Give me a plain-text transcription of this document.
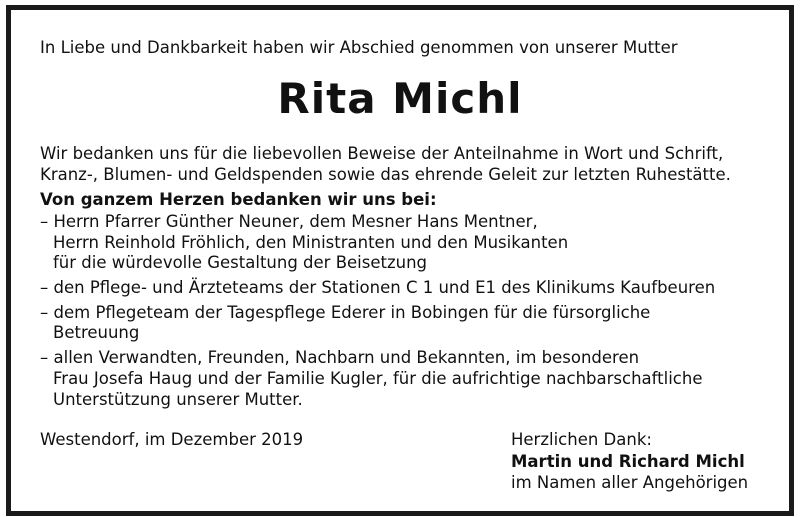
In Liebe und Dankbarkeit haben wir Abschied genommen von unserer Mutter
Rita Michl
Wir bedanken uns für die liebevollen Beweise der Anteilnahme in Wort und Schrift,
Kranz-, Blumen- und Geldspenden sowie das ehrende Geleit zur letzten Ruhestätte.
Von ganzem Herzen bedanken wir uns bei:
– Herrn Pfarrer Günther Neuner, dem Mesner Hans Mentner,
Herrn Reinhold Fröhlich, den Ministranten und den Musikanten
für die würdevolle Gestaltung der Beisetzung
– den Pflege- und Ärzteteams der Stationen C 1 und E1 des Klinikums Kaufbeuren
– dem Pflegeteam der Tagespflege Ederer in Bobingen für die fürsorgliche
Betreuung
– allen Verwandten, Freunden, Nachbarn und Bekannten, im besonderen
Frau Josefa Haug und der Familie Kugler, für die aufrichtige nachbarschaftliche
Unterstützung unserer Mutter.
Westendorf, im Dezember 2019	Herzlichen Dank:
Martin und Richard Michl
im Namen aller Angehörigen
